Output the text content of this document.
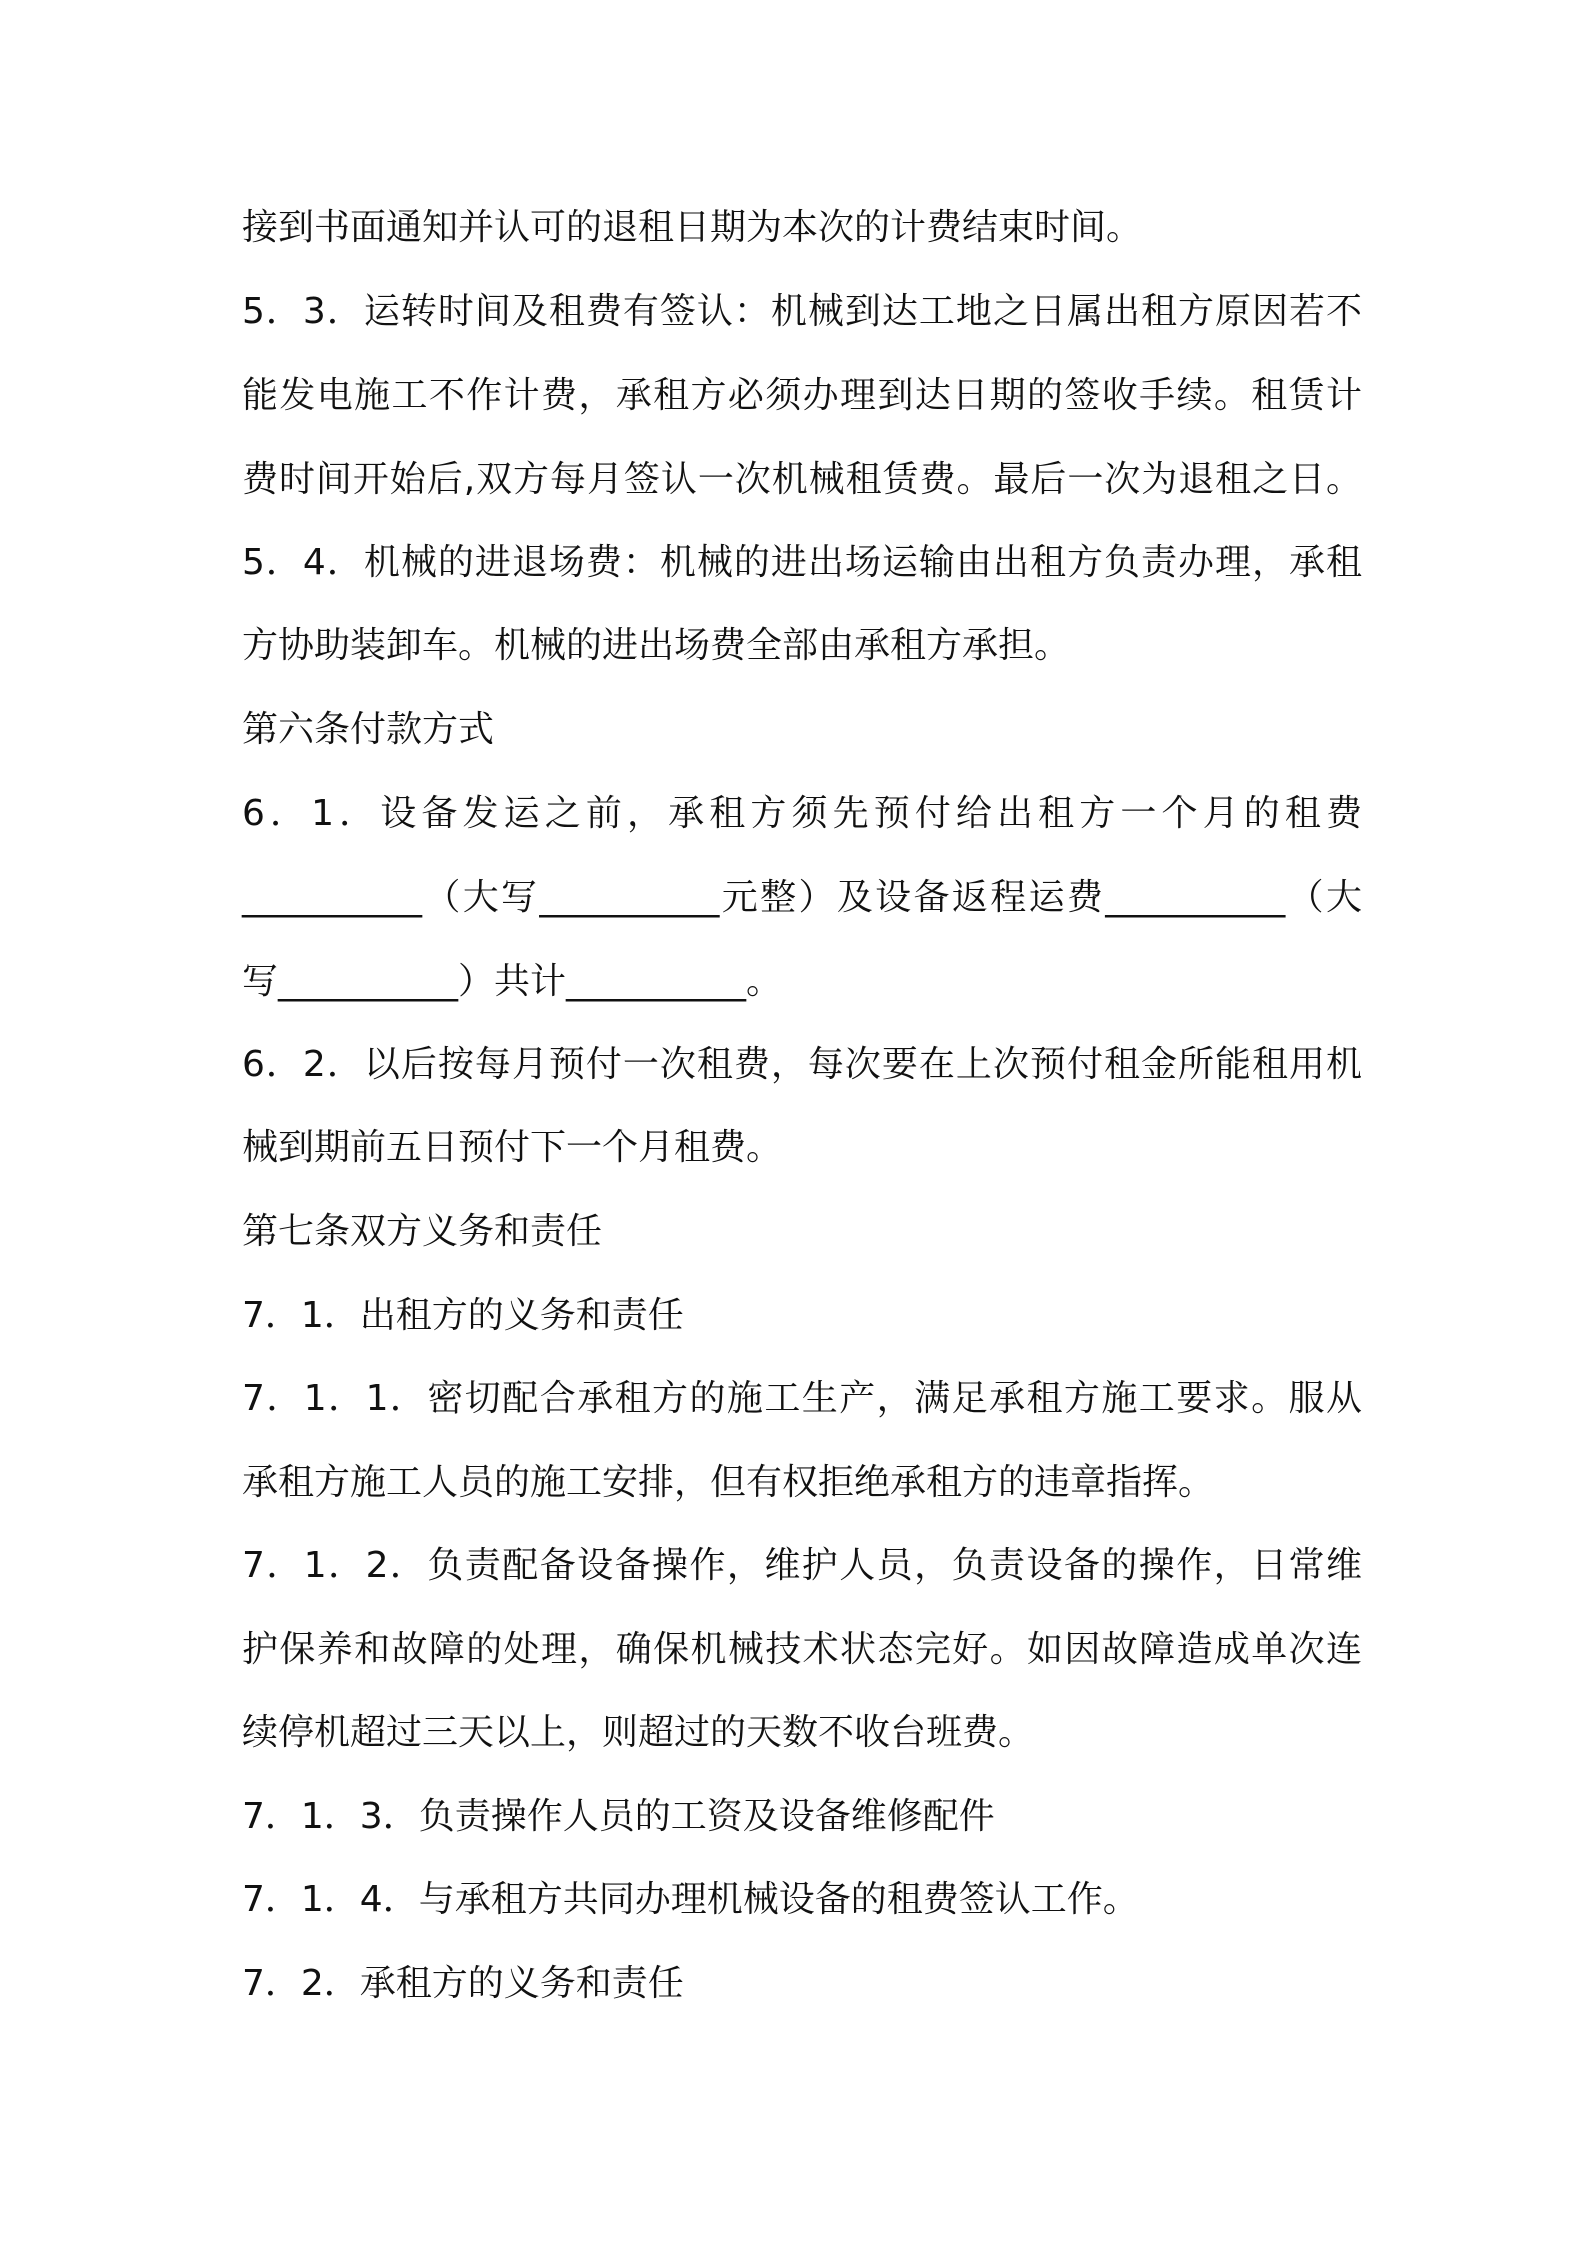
接到书面通知并认可的退租日期为本次的计费结束时间。
5．3．运转时间及租费有签认：机械到达工地之日属出租方原因若不
能发电施工不作计费，承租方必须办理到达日期的签收手续。租赁计
费时间开始后,双方每月签认一次机械租赁费。最后一次为退租之日。
5．4．机械的进退场费：机械的进出场运输由出租方负责办理，承租
方协助装卸车。机械的进出场费全部由承租方承担。
第六条付款方式
6．1．设备发运之前，承租方须先预付给出租方一个月的租费
__________（大写__________元整）及设备返程运费__________（大
写__________）共计__________。
6．2．以后按每月预付一次租费，每次要在上次预付租金所能租用机
械到期前五日预付下一个月租费。
第七条双方义务和责任
7．1．出租方的义务和责任
7．1．1．密切配合承租方的施工生产，满足承租方施工要求。服从
承租方施工人员的施工安排，但有权拒绝承租方的违章指挥。
7．1．2．负责配备设备操作，维护人员，负责设备的操作，日常维
护保养和故障的处理，确保机械技术状态完好。如因故障造成单次连
续停机超过三天以上，则超过的天数不收台班费。
7．1．3．负责操作人员的工资及设备维修配件
7．1．4．与承租方共同办理机械设备的租费签认工作。
7．2．承租方的义务和责任
